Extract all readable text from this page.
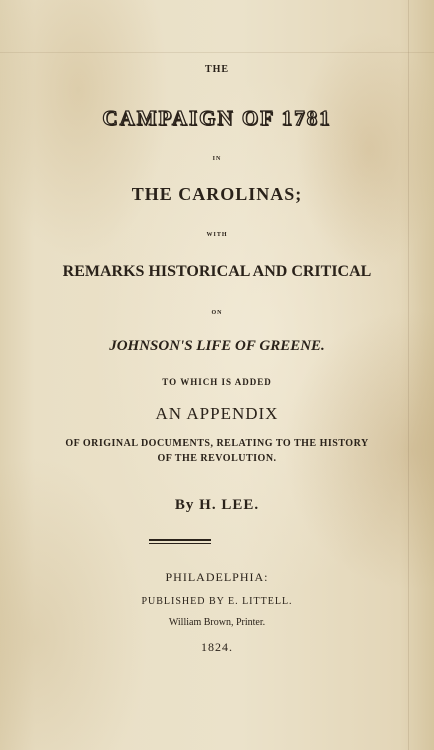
THE
CAMPAIGN OF 1781
IN
THE CAROLINAS;
WITH
REMARKS HISTORICAL AND CRITICAL
ON
JOHNSON'S LIFE OF GREENE.
TO WHICH IS ADDED
AN APPENDIX
OF ORIGINAL DOCUMENTS, RELATING TO THE HISTORY
OF THE REVOLUTION.
By H. LEE.
PHILADELPHIA:
PUBLISHED BY E. LITTELL.
William Brown, Printer.
1824.
